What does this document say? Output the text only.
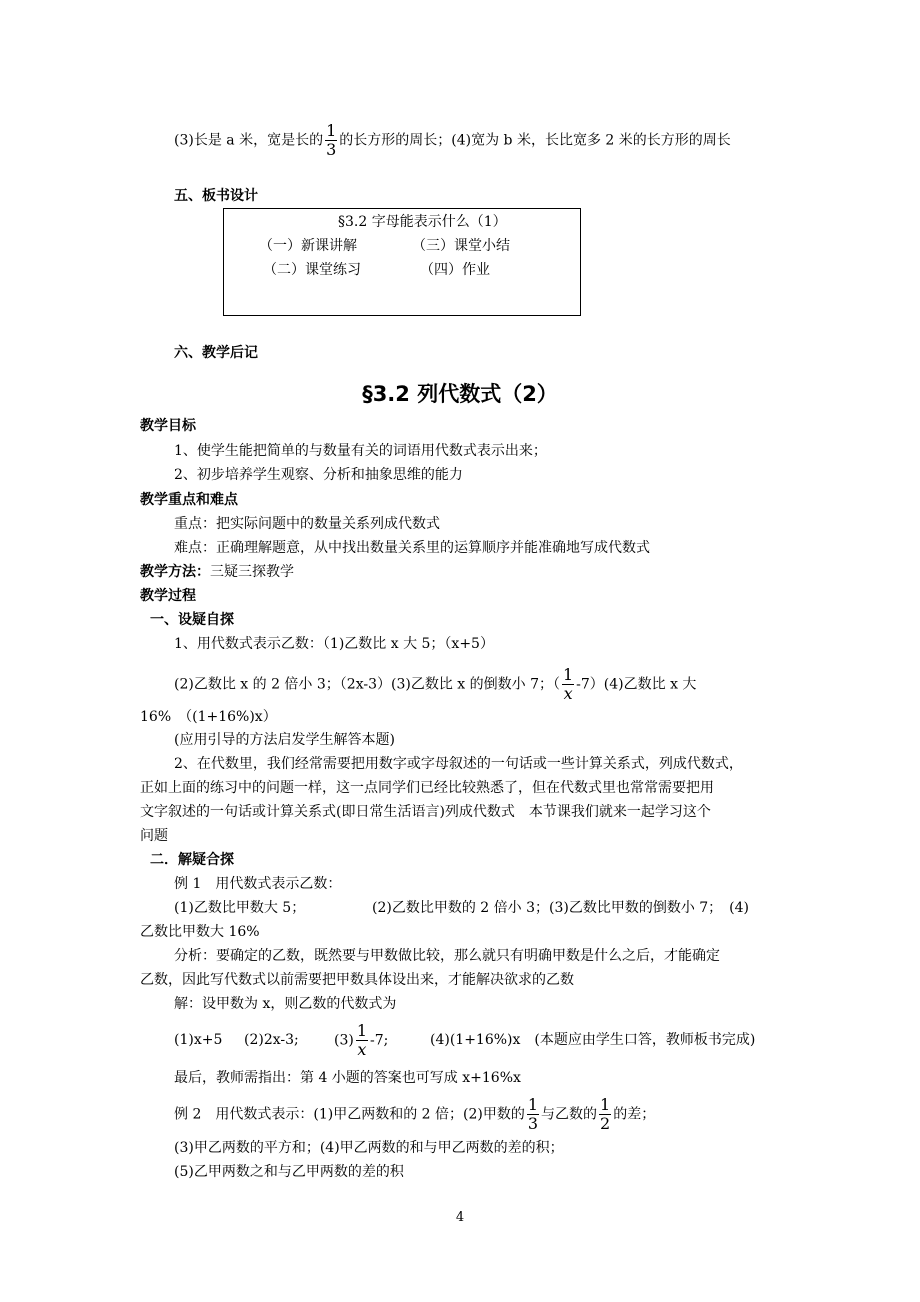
(3)长是 a 米，宽是长的 $\frac{1}{3}$ 的长方形的周长；(4)宽为 b 米，长比宽多 2 米的长方形的周长
五、板书设计
§3.2 字母能表示什么（1）
（一）新课讲解	（三）课堂小结
（二）课堂练习	（四）作业
六、教学后记
§3.2 列代数式（2）
教学目标
1、使学生能把简单的与数量有关的词语用代数式表示出来；
2、初步培养学生观察、分析和抽象思维的能力
教学重点和难点
重点：把实际问题中的数量关系列成代数式
难点：正确理解题意，从中找出数量关系里的运算顺序并能准确地写成代数式
教学方法：三疑三探教学
教学过程
一、设疑自探
1、用代数式表示乙数：（1)乙数比 x 大 5；（x+5）
(2)乙数比 x 的 2 倍小 3；（2x-3）(3)乙数比 x 的倒数小 7；（ $\frac{1}{x} -7)(4)$乙数比 x 大
16%　（(1+16%)x）
(应用引导的方法启发学生解答本题)
2、在代数里，我们经常需要把用数字或字母叙述的一句话或一些计算关系式，列成代数式，
正如上面的练习中的问题一样，这一点同学们已经比较熟悉了，但在代数式里也常常需要把用
文字叙述的一句话或计算关系式(即日常生活语言)列成代数式　本节课我们就来一起学习这个
问题
二．解疑合探
例 1　用代数式表示乙数：
(1)乙数比甲数大 5；	(2)乙数比甲数的 2 倍小 3；(3)乙数比甲数的倒数小 7；　(4)
乙数比甲数大 16%
分析：要确定的乙数，既然要与甲数做比较，那么就只有明确甲数是什么之后，才能确定
乙数，因此写代数式以前需要把甲数具体设出来，才能解决欲求的乙数
解：设甲数为 x，则乙数的代数式为
(1)x+5 (2)2x-3;	$(3) \frac{1}{x} -7$;	(4)(1+16%)x　(本题应由学生口答，教师板书完成)
最后，教师需指出：第 4 小题的答案也可写成 x+16%x
例 2　用代数式表示：(1)甲乙两数和的 2 倍；(2)甲数的 $\frac{1}{3}$ 与乙数的 $\frac{1}{2}$ 的差；
(3)甲乙两数的平方和；(4)甲乙两数的和与甲乙两数的差的积；
(5)乙甲两数之和与乙甲两数的差的积
4
